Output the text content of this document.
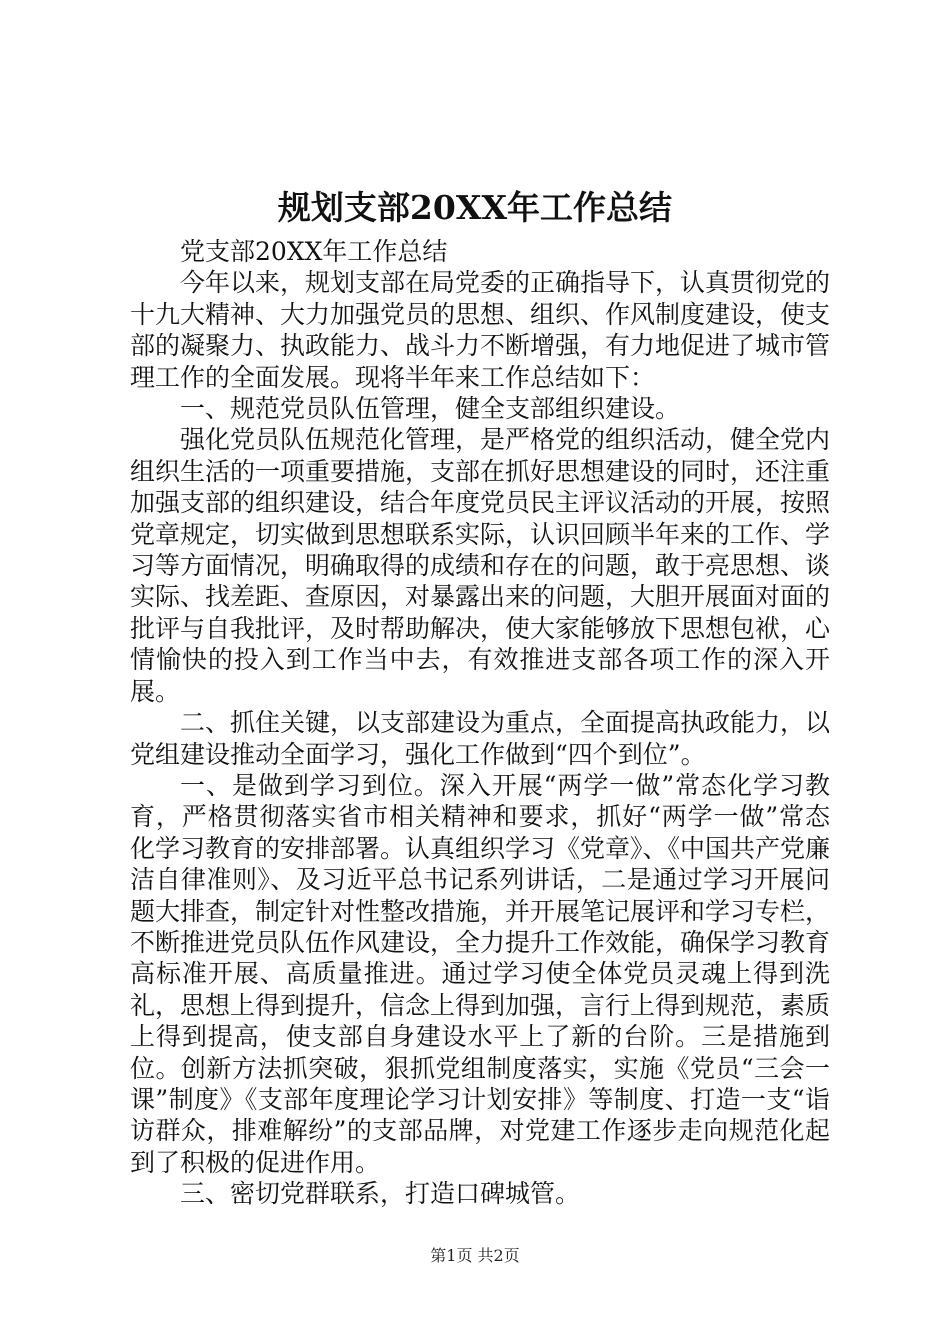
规划支部20XX年工作总结

党支部20XX年工作总结

今年以来，规划支部在局党委的正确指导下，认真贯彻党的十九大精神、大力加强党员的思想、组织、作风制度建设，使支部的凝聚力、执政能力、战斗力不断增强，有力地促进了城市管理工作的全面发展。现将半年来工作总结如下：

一、规范党员队伍管理，健全支部组织建设。

强化党员队伍规范化管理，是严格党的组织活动，健全党内组织生活的一项重要措施，支部在抓好思想建设的同时，还注重加强支部的组织建设，结合年度党员民主评议活动的开展，按照党章规定，切实做到思想联系实际，认识回顾半年来的工作、学习等方面情况，明确取得的成绩和存在的问题，敢于亮思想、谈实际、找差距、查原因，对暴露出来的问题，大胆开展面对面的批评与自我批评，及时帮助解决，使大家能够放下思想包袱，心情愉快的投入到工作当中去，有效推进支部各项工作的深入开展。

二、抓住关键，以支部建设为重点，全面提高执政能力，以党组建设推动全面学习，强化工作做到“四个到位”。

一、是做到学习到位。深入开展“两学一做”常态化学习教育，严格贯彻落实省市相关精神和要求，抓好“两学一做”常态化学习教育的安排部署。认真组织学习《党章》、《中国共产党廉洁自律准则》、及习近平总书记系列讲话，二是通过学习开展问题大排查，制定针对性整改措施，并开展笔记展评和学习专栏，不断推进党员队伍作风建设，全力提升工作效能，确保学习教育高标准开展、高质量推进。通过学习使全体党员灵魂上得到洗礼，思想上得到提升，信念上得到加强，言行上得到规范，素质上得到提高，使支部自身建设水平上了新的台阶。三是措施到位。创新方法抓突破，狠抓党组制度落实，实施《党员“三会一课”制度》《支部年度理论学习计划安排》等制度、打造一支“诣访群众，排难解纷”的支部品牌，对党建工作逐步走向规范化起到了积极的促进作用。

三、密切党群联系，打造口碑城管。

第1页 共2页
